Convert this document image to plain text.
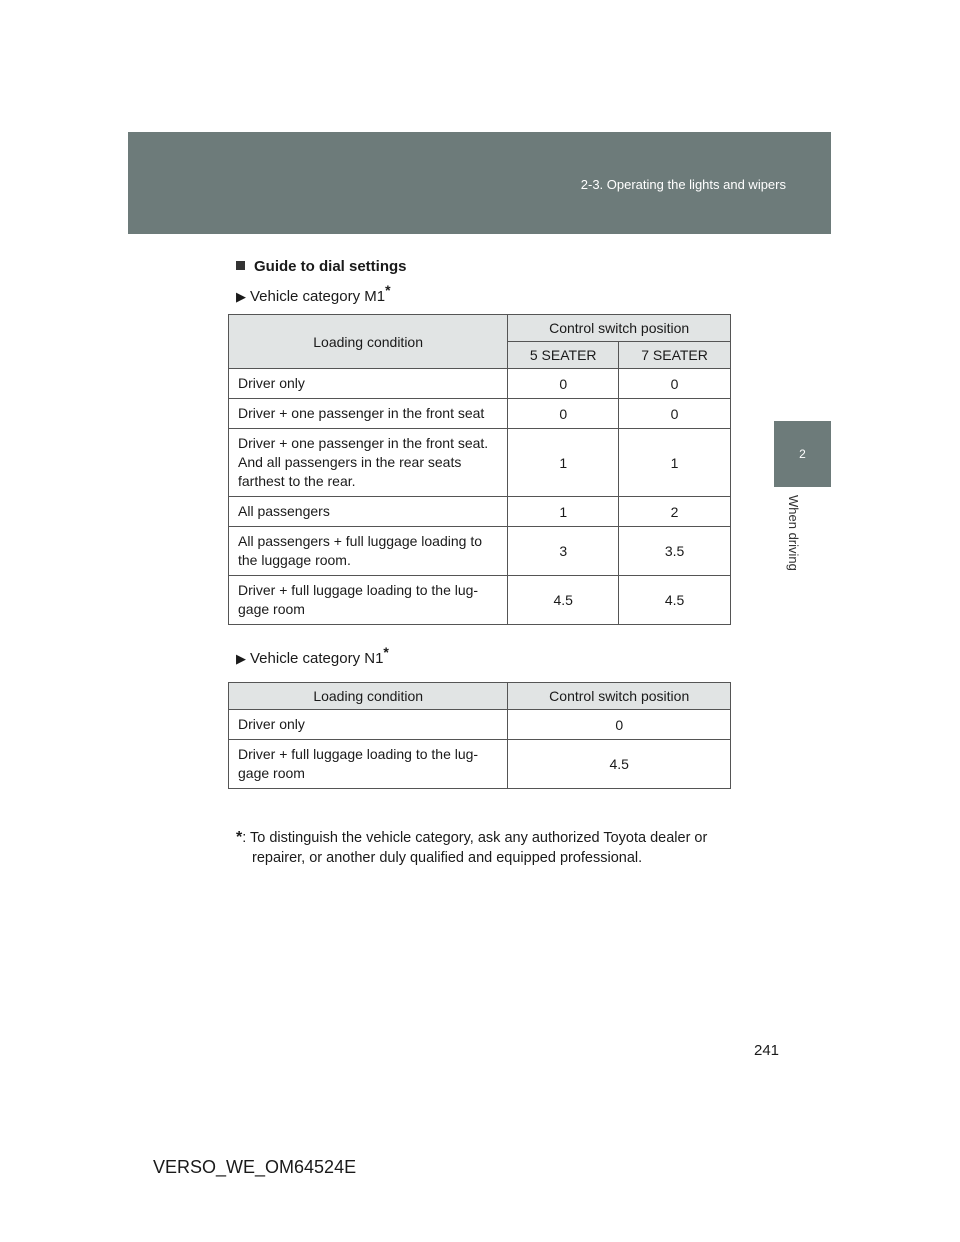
2-3. Operating the lights and wipers
2
When driving
Guide to dial settings
▶ Vehicle category M1*
Loading condition	Control switch position	
	5 SEATER	7 SEATER
Driver only	0	0
Driver + one passenger in the front seat	0	0
Driver + one passenger in the front seat.
And all passengers in the rear seats farthest to the rear.	1	1
All passengers	1	2
All passengers + full luggage loading to the luggage room.	3	3.5
Driver + full luggage loading to the lug-gage room	4.5	4.5
▶ Vehicle category N1*
Loading condition	Control switch position
Driver only	0
Driver + full luggage loading to the lug-gage room	4.5
*: To distinguish the vehicle category, ask any authorized Toyota dealer or
repairer, or another duly qualified and equipped professional.
241
VERSO_WE_OM64524E
